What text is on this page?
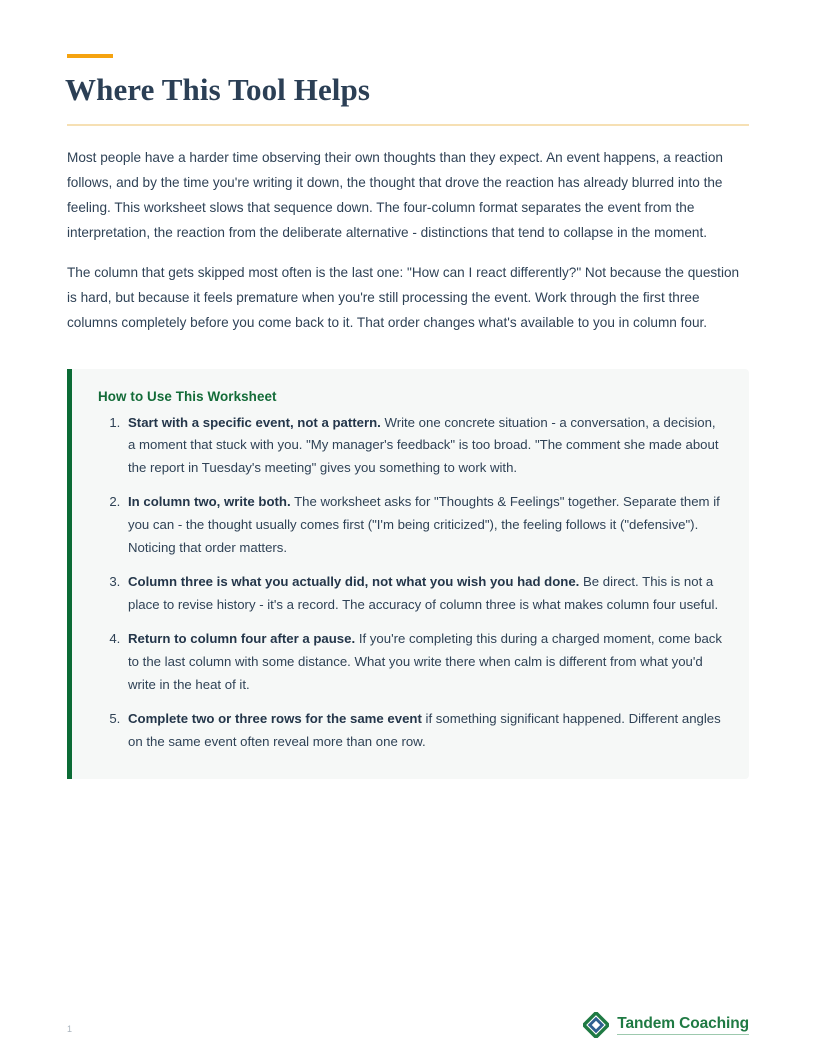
Where This Tool Helps

Most people have a harder time observing their own thoughts than they expect. An event happens, a reaction follows, and by the time you're writing it down, the thought that drove the reaction has already blurred into the feeling. This worksheet slows that sequence down. The four-column format separates the event from the interpretation, the reaction from the deliberate alternative - distinctions that tend to collapse in the moment.

The column that gets skipped most often is the last one: "How can I react differently?" Not because the question is hard, but because it feels premature when you're still processing the event. Work through the first three columns completely before you come back to it. That order changes what's available to you in column four.

How to Use This Worksheet
1. Start with a specific event, not a pattern. Write one concrete situation - a conversation, a decision, a moment that stuck with you. "My manager's feedback" is too broad. "The comment she made about the report in Tuesday's meeting" gives you something to work with.
2. In column two, write both. The worksheet asks for "Thoughts & Feelings" together. Separate them if you can - the thought usually comes first ("I'm being criticized"), the feeling follows it ("defensive"). Noticing that order matters.
3. Column three is what you actually did, not what you wish you had done. Be direct. This is not a place to revise history - it's a record. The accuracy of column three is what makes column four useful.
4. Return to column four after a pause. If you're completing this during a charged moment, come back to the last column with some distance. What you write there when calm is different from what you'd write in the heat of it.
5. Complete two or three rows for the same event if something significant happened. Different angles on the same event often reveal more than one row.
1	Tandem Coaching
